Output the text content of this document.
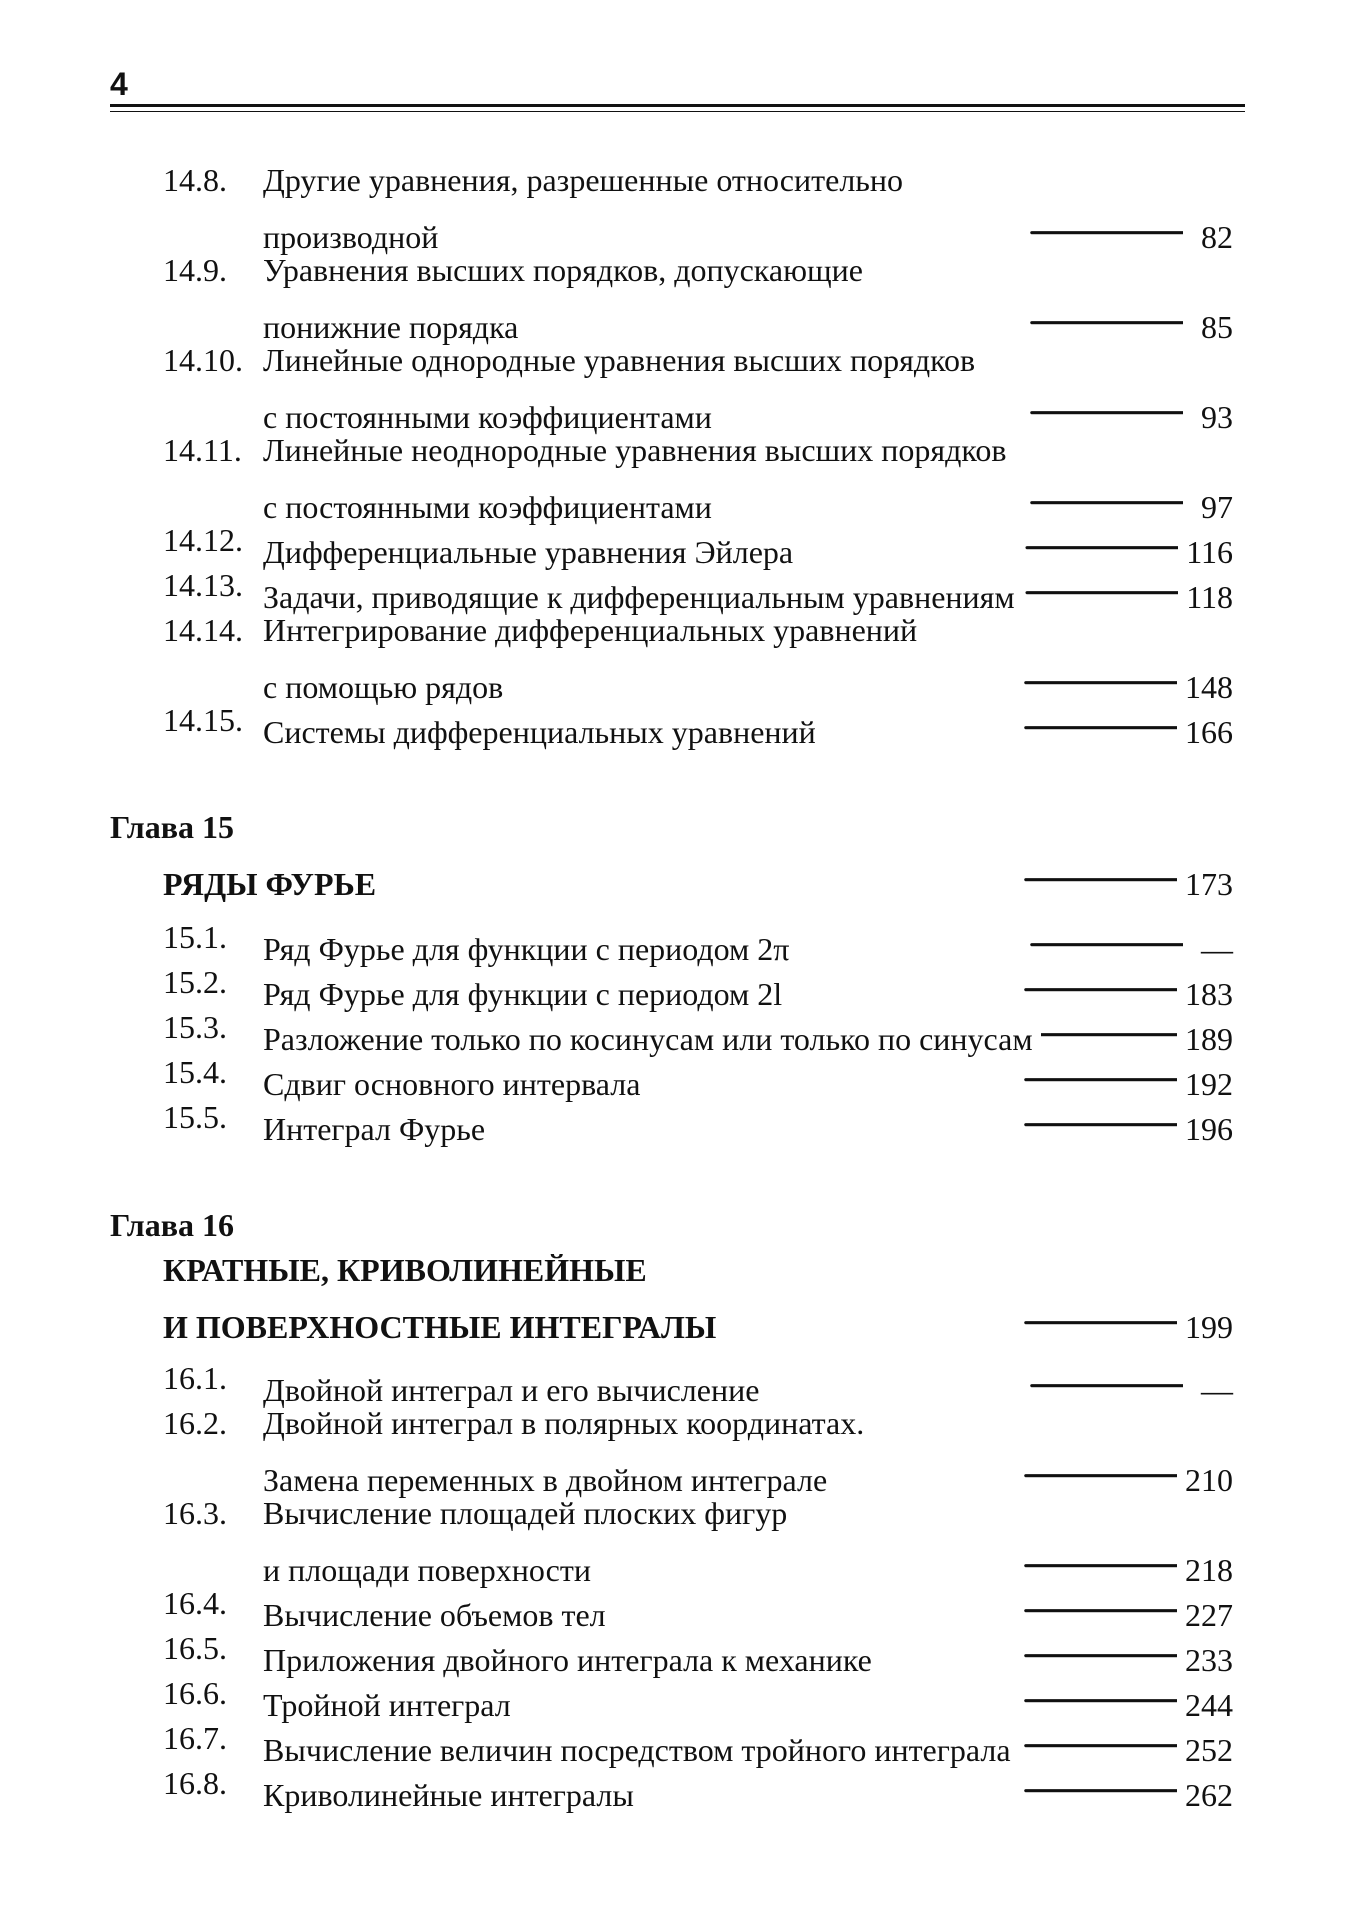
4
14.8. Другие уравнения, разрешенные относительно
производной . . .	82
14.9. Уравнения высших порядков, допускающие
понижние порядка . . .	85
14.10. Линейные однородные уравнения высших порядков
с постоянными коэффициентами . . .	93
14.11. Линейные неоднородные уравнения высших порядков
с постоянными коэффициентами . . .	97
14.12. Дифференциальные уравнения Эйлера . . .	116
14.13. Задачи, приводящие к дифференциальным уравнениям . . .	118
14.14. Интегрирование дифференциальных уравнений
с помощью рядов . . .	148
14.15. Системы дифференциальных уравнений . . .	166
Глава 15
РЯДЫ ФУРЬЕ . . .	173
15.1. Ряд Фурье для функции с периодом 2π . . .	—
15.2. Ряд Фурье для функции с периодом 2l . . .	183
15.3. Разложение только по косинусам или только по синусам . . .	189
15.4. Сдвиг основного интервала . . .	192
15.5. Интеграл Фурье . . .	196
Глава 16
КРАТНЫЕ, КРИВОЛИНЕЙНЫЕ
И ПОВЕРХНОСТНЫЕ ИНТЕГРАЛЫ . . .	199
16.1. Двойной интеграл и его вычисление . . .	—
16.2. Двойной интеграл в полярных координатах.
Замена переменных в двойном интеграле . . .	210
16.3. Вычисление площадей плоских фигур
и площади поверхности . . .	218
16.4. Вычисление объемов тел . . .	227
16.5. Приложения двойного интеграла к механике . . .	233
16.6. Тройной интеграл . . .	244
16.7. Вычисление величин посредством тройного интеграла . . .	252
16.8. Криволинейные интегралы . . .	262
